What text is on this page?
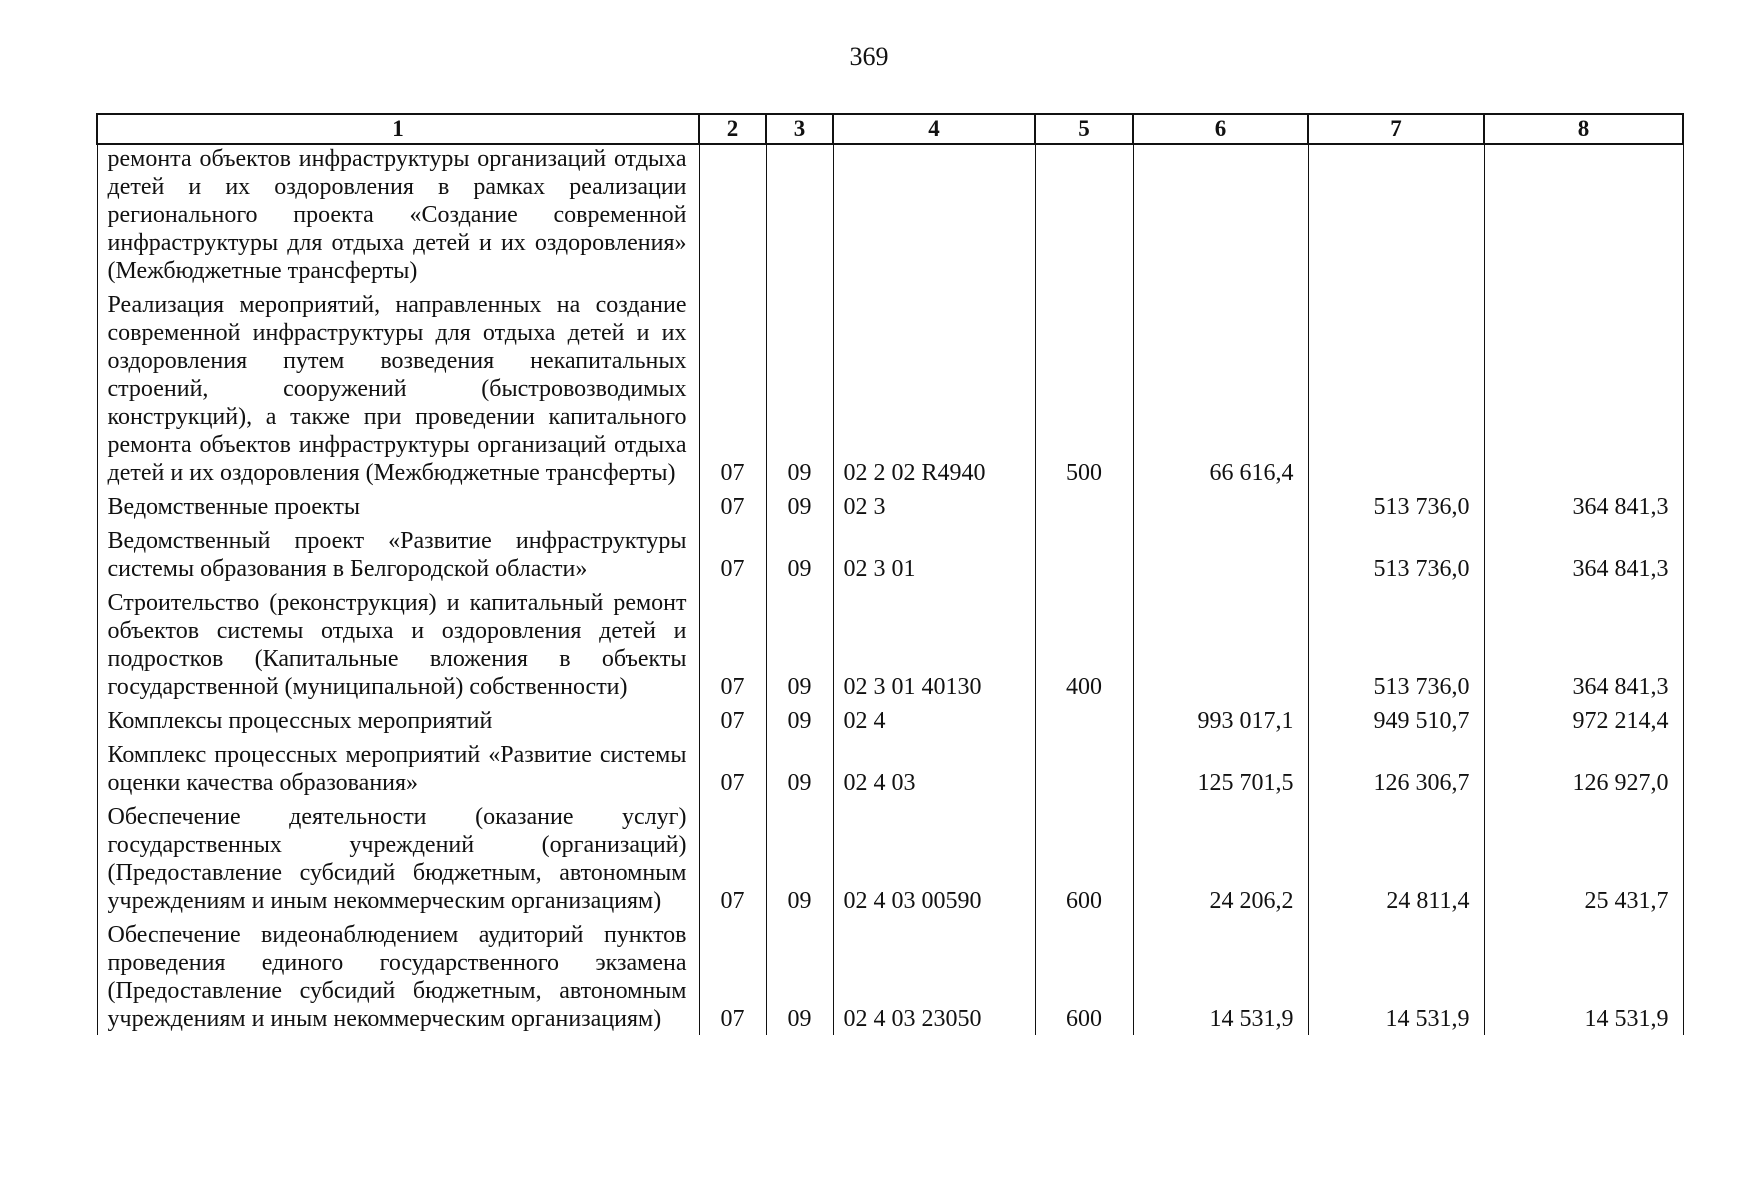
369
1	2	3	4	5	6	7	8
ремонта объектов инфраструктуры организаций отдыха детей и их оздоровления в рамках реализации регионального проекта «Создание современной инфраструктуры для отдыха детей и их оздоровления» (Межбюджетные трансферты)							
Реализация мероприятий, направленных на создание современной инфраструктуры для отдыха детей и их оздоровления путем возведения некапитальных строений, сооружений (быстровозводимых конструкций), а также при проведении капитального ремонта объектов инфраструктуры организаций отдыха детей и их оздоровления (Межбюджетные трансферты)	07	09	02 2 02 R4940	500	66 616,4		
Ведомственные проекты	07	09	02 3			513 736,0	364 841,3
Ведомственный проект «Развитие инфраструктуры системы образования в Белгородской области»	07	09	02 3 01			513 736,0	364 841,3
Строительство (реконструкция) и капитальный ремонт объектов системы отдыха и оздоровления детей и подростков (Капитальные вложения в объекты государственной (муниципальной) собственности)	07	09	02 3 01 40130	400		513 736,0	364 841,3
Комплексы процессных мероприятий	07	09	02 4		993 017,1	949 510,7	972 214,4
Комплекс процессных мероприятий «Развитие системы оценки качества образования»	07	09	02 4 03		125 701,5	126 306,7	126 927,0
Обеспечение деятельности (оказание услуг) государственных учреждений (организаций) (Предоставление субсидий бюджетным, автономным учреждениям и иным некоммерческим организациям)	07	09	02 4 03 00590	600	24 206,2	24 811,4	25 431,7
Обеспечение видеонаблюдением аудиторий пунктов проведения единого государственного экзамена (Предоставление субсидий бюджетным, автономным учреждениям и иным некоммерческим организациям)	07	09	02 4 03 23050	600	14 531,9	14 531,9	14 531,9
